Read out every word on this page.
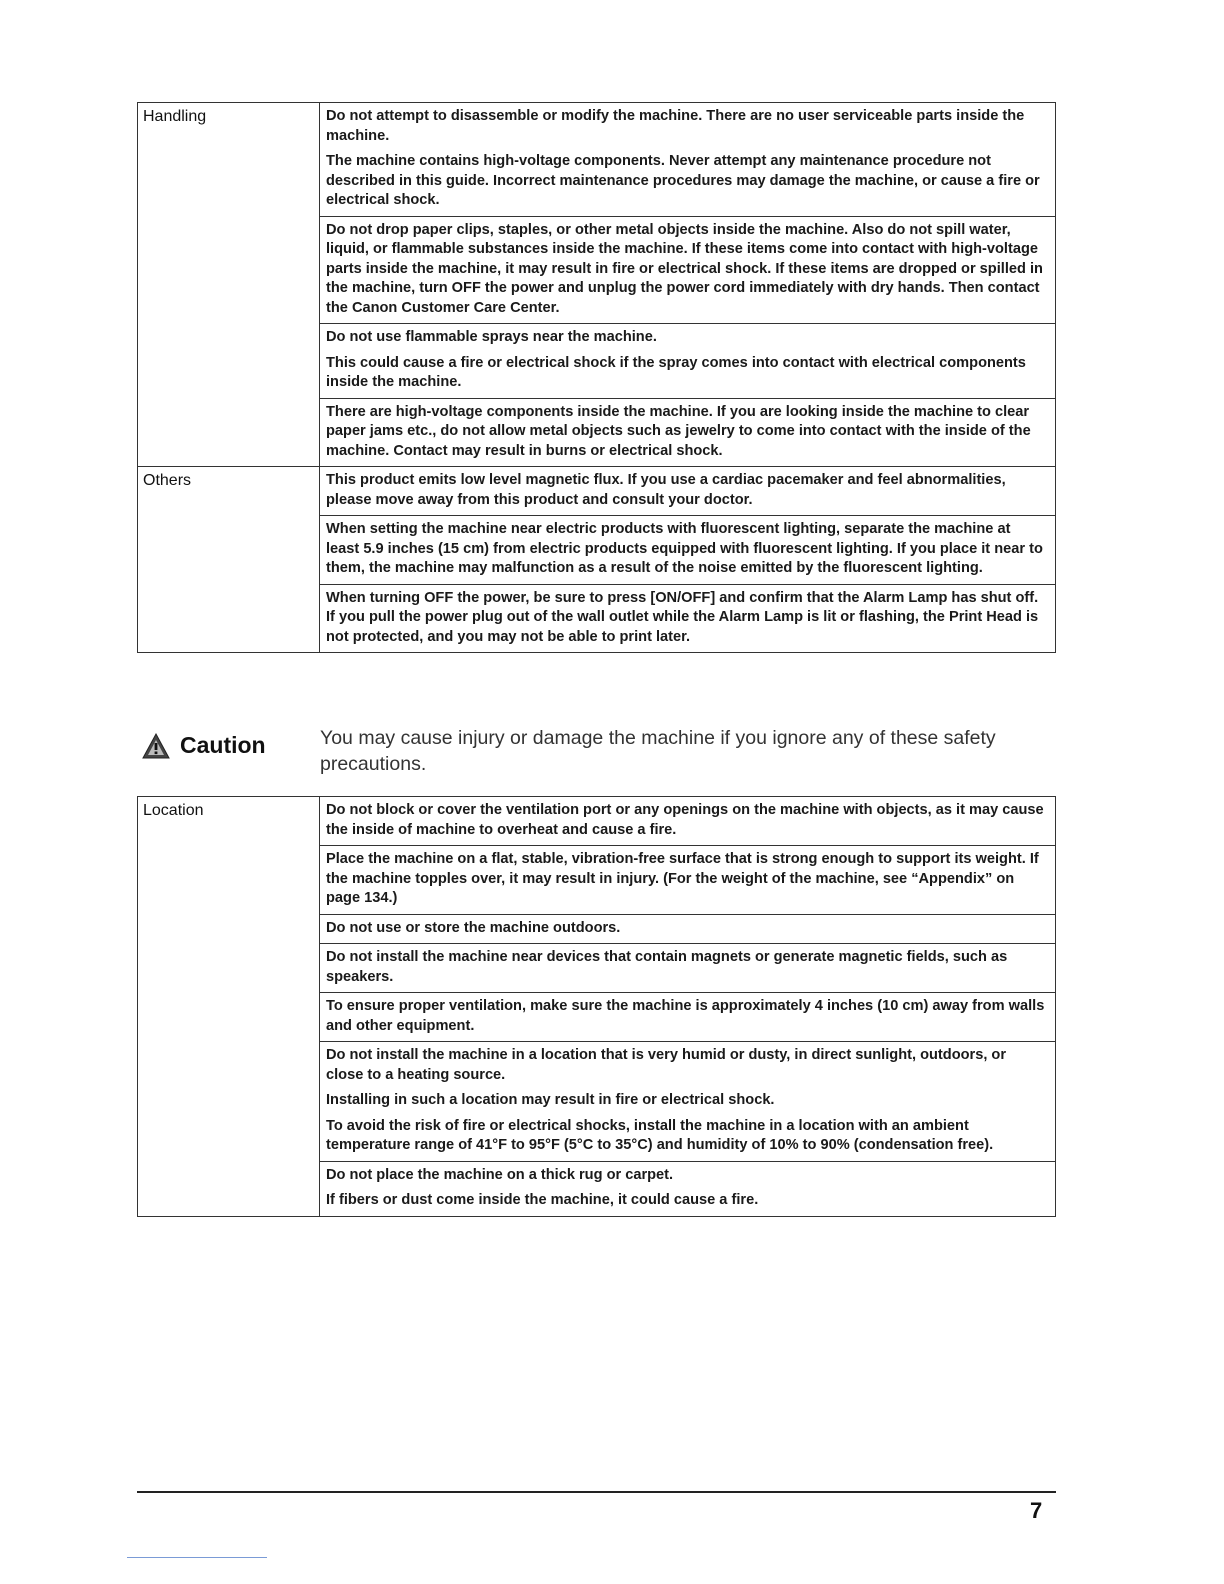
Handling	Do not attempt to disassemble or modify the machine. There are no user serviceable parts inside the machine.

The machine contains high-voltage components. Never attempt any maintenance procedure not described in this guide. Incorrect maintenance procedures may damage the machine, or cause a fire or electrical shock.

Do not drop paper clips, staples, or other metal objects inside the machine. Also do not spill water, liquid, or flammable substances inside the machine. If these items come into contact with high-voltage parts inside the machine, it may result in fire or electrical shock. If these items are dropped or spilled in the machine, turn OFF the power and unplug the power cord immediately with dry hands. Then contact the Canon Customer Care Center.

Do not use flammable sprays near the machine.

This could cause a fire or electrical shock if the spray comes into contact with electrical components inside the machine.

There are high-voltage components inside the machine. If you are looking inside the machine to clear paper jams etc., do not allow metal objects such as jewelry to come into contact with the inside of the machine. Contact may result in burns or electrical shock.

Others	This product emits low level magnetic flux. If you use a cardiac pacemaker and feel abnormalities, please move away from this product and consult your doctor.

When setting the machine near electric products with fluorescent lighting, separate the machine at least 5.9 inches (15 cm) from electric products equipped with fluorescent lighting. If you place it near to them, the machine may malfunction as a result of the noise emitted by the fluorescent lighting.

When turning OFF the power, be sure to press [ON/OFF] and confirm that the Alarm Lamp has shut off. If you pull the power plug out of the wall outlet while the Alarm Lamp is lit or flashing, the Print Head is not protected, and you may not be able to print later.

Caution	You may cause injury or damage the machine if you ignore any of these safety precautions.
Location	Do not block or cover the ventilation port or any openings on the machine with objects, as it may cause the inside of machine to overheat and cause a fire.

Place the machine on a flat, stable, vibration-free surface that is strong enough to support its weight. If the machine topples over, it may result in injury. (For the weight of the machine, see “Appendix” on page 134.)

Do not use or store the machine outdoors.

Do not install the machine near devices that contain magnets or generate magnetic fields, such as speakers.

To ensure proper ventilation, make sure the machine is approximately 4 inches (10 cm) away from walls and other equipment.

Do not install the machine in a location that is very humid or dusty, in direct sunlight, outdoors, or close to a heating source.

Installing in such a location may result in fire or electrical shock.

To avoid the risk of fire or electrical shocks, install the machine in a location with an ambient temperature range of 41°F to 95°F (5°C to 35°C) and humidity of 10% to 90% (condensation free).

Do not place the machine on a thick rug or carpet.

If fibers or dust come inside the machine, it could cause a fire.

7
